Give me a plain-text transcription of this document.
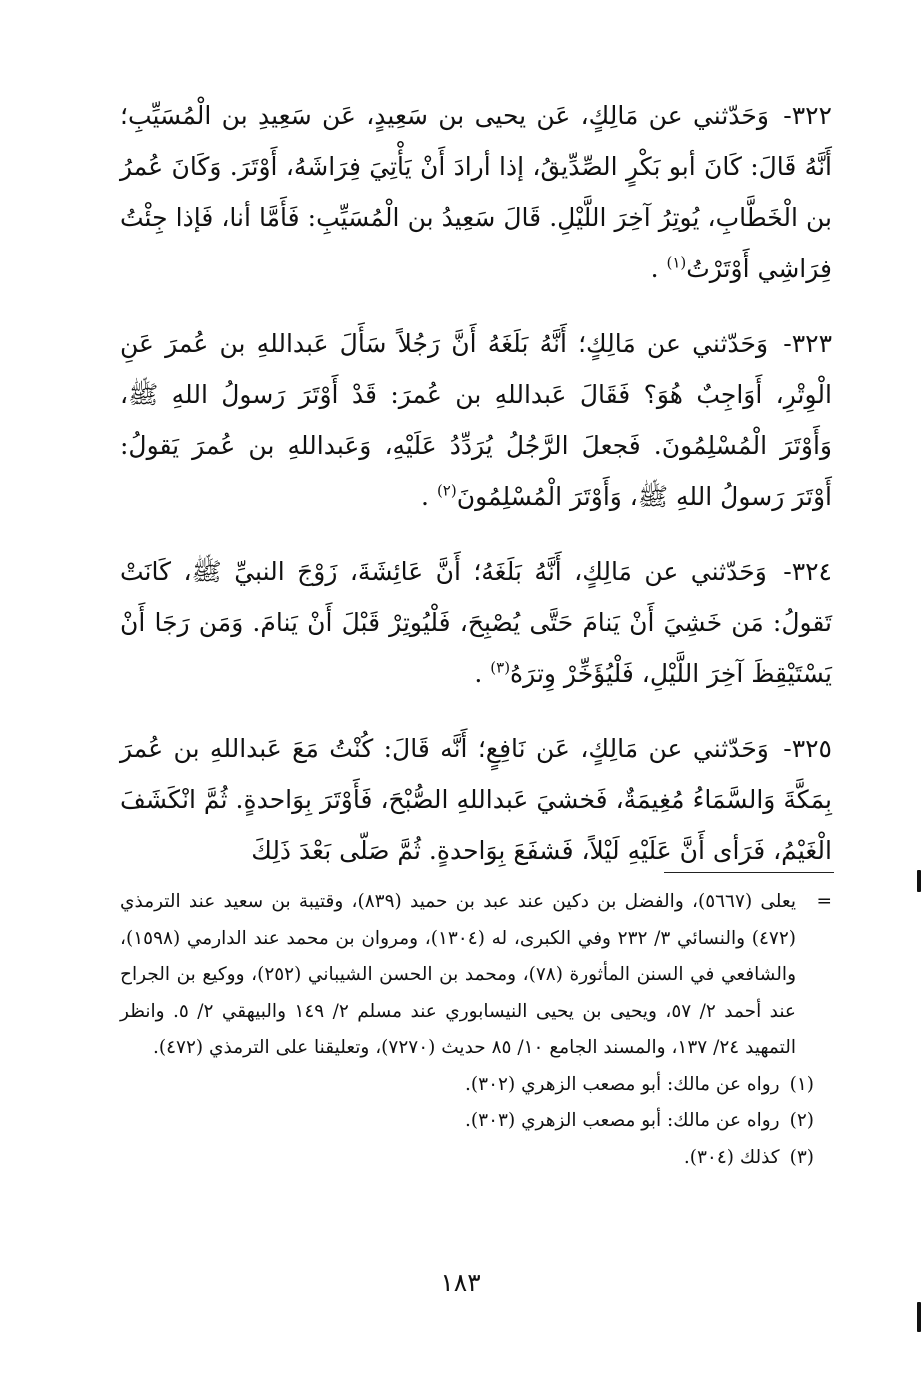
٣٢٢- وَحَدّثني عن مَالِكٍ، عَن يحيى بن سَعِيدٍ، عَن سَعِيدِ بن الْمُسَيِّبِ؛ أَنَّهُ قَالَ: كَانَ أبو بَكْرٍ الصِّدِّيقُ، إذا أرادَ أَنْ يَأْتِيَ فِرَاشَهُ، أَوْتَرَ. وَكَانَ عُمرُ بن الْخَطَّابِ، يُوتِرُ آخِرَ اللَّيْلِ. قَالَ سَعِيدُ بن الْمُسَيِّبِ: فَأَمَّا أنا، فَإذا جِئْتُ فِرَاشِي أَوْتَرْتُ$^{(١)}$ .

٣٢٣- وَحَدّثني عن مَالِكٍ؛ أَنَّهُ بَلَغَهُ أَنَّ رَجُلاً سَأَلَ عَبداللهِ بن عُمرَ عَنِ الْوِتْرِ، أَوَاجِبٌ هُوَ؟ فَقَالَ عَبداللهِ بن عُمرَ: قَدْ أَوْتَرَ رَسولُ اللهِ ﷺ، وَأَوْتَرَ الْمُسْلِمُونَ. فَجعلَ الرَّجُلُ يُرَدِّدُ عَلَيْهِ، وَعَبداللهِ بن عُمرَ يَقولُ: أَوْتَرَ رَسولُ اللهِ ﷺ، وَأَوْتَرَ الْمُسْلِمُونَ$^{(٢)}$ .

٣٢٤- وَحَدّثني عن مَالِكٍ، أَنَّهُ بَلَغَهُ؛ أَنَّ عَائِشَةَ، زَوْجَ النبيِّ ﷺ، كَانَتْ تَقولُ: مَن خَشِيَ أَنْ يَنامَ حَتَّى يُصْبِحَ، فَلْيُوتِرْ قَبْلَ أَنْ يَنامَ. وَمَن رَجَا أَنْ يَسْتَيْقِظَ آخِرَ اللَّيْلِ، فَلْيُؤَخِّرْ وِترَهُ$^{(٣)}$ .

٣٢٥- وَحَدّثني عن مَالِكٍ، عَن نَافِعٍ؛ أَنَّه قَالَ: كُنْتُ مَعَ عَبداللهِ بن عُمرَ بِمَكَّةَ وَالسَّمَاءُ مُغِيمَةٌ، فَخشيَ عَبداللهِ الصُّبْحَ، فَأَوْتَرَ بِوَاحدةٍ. ثُمَّ انْكَشَفَ الْغَيْمُ، فَرَأى أَنَّ عَلَيْهِ لَيْلاً، فَشفَعَ بِوَاحدةٍ. ثُمَّ صَلّى بَعْدَ ذَلِكَ

=
يعلى (٥٦٦٧)، والفضل بن دكين عند عبد بن حميد (٨٣٩)، وقتيبة بن سعيد عند الترمذي (٤٧٢) والنسائي ٣/ ٢٣٢ وفي الكبرى، له (١٣٠٤)، ومروان بن محمد عند الدارمي (١٥٩٨)، والشافعي في السنن المأثورة (٧٨)، ومحمد بن الحسن الشيباني (٢٥٢)، ووكيع بن الجراح عند أحمد ٢/ ٥٧، ويحيى بن يحيى النيسابوري عند مسلم ٢/ ١٤٩ والبيهقي ٢/ ٥. وانظر التمهيد ٢٤/ ١٣٧، والمسند الجامع ١٠/ ٨٥ حديث (٧٢٧٠)، وتعليقنا على الترمذي (٤٧٢).

(١)رواه عن مالك: أبو مصعب الزهري (٣٠٢).

(٢)رواه عن مالك: أبو مصعب الزهري (٣٠٣).

(٣)كذلك (٣٠٤).

١٨٣
